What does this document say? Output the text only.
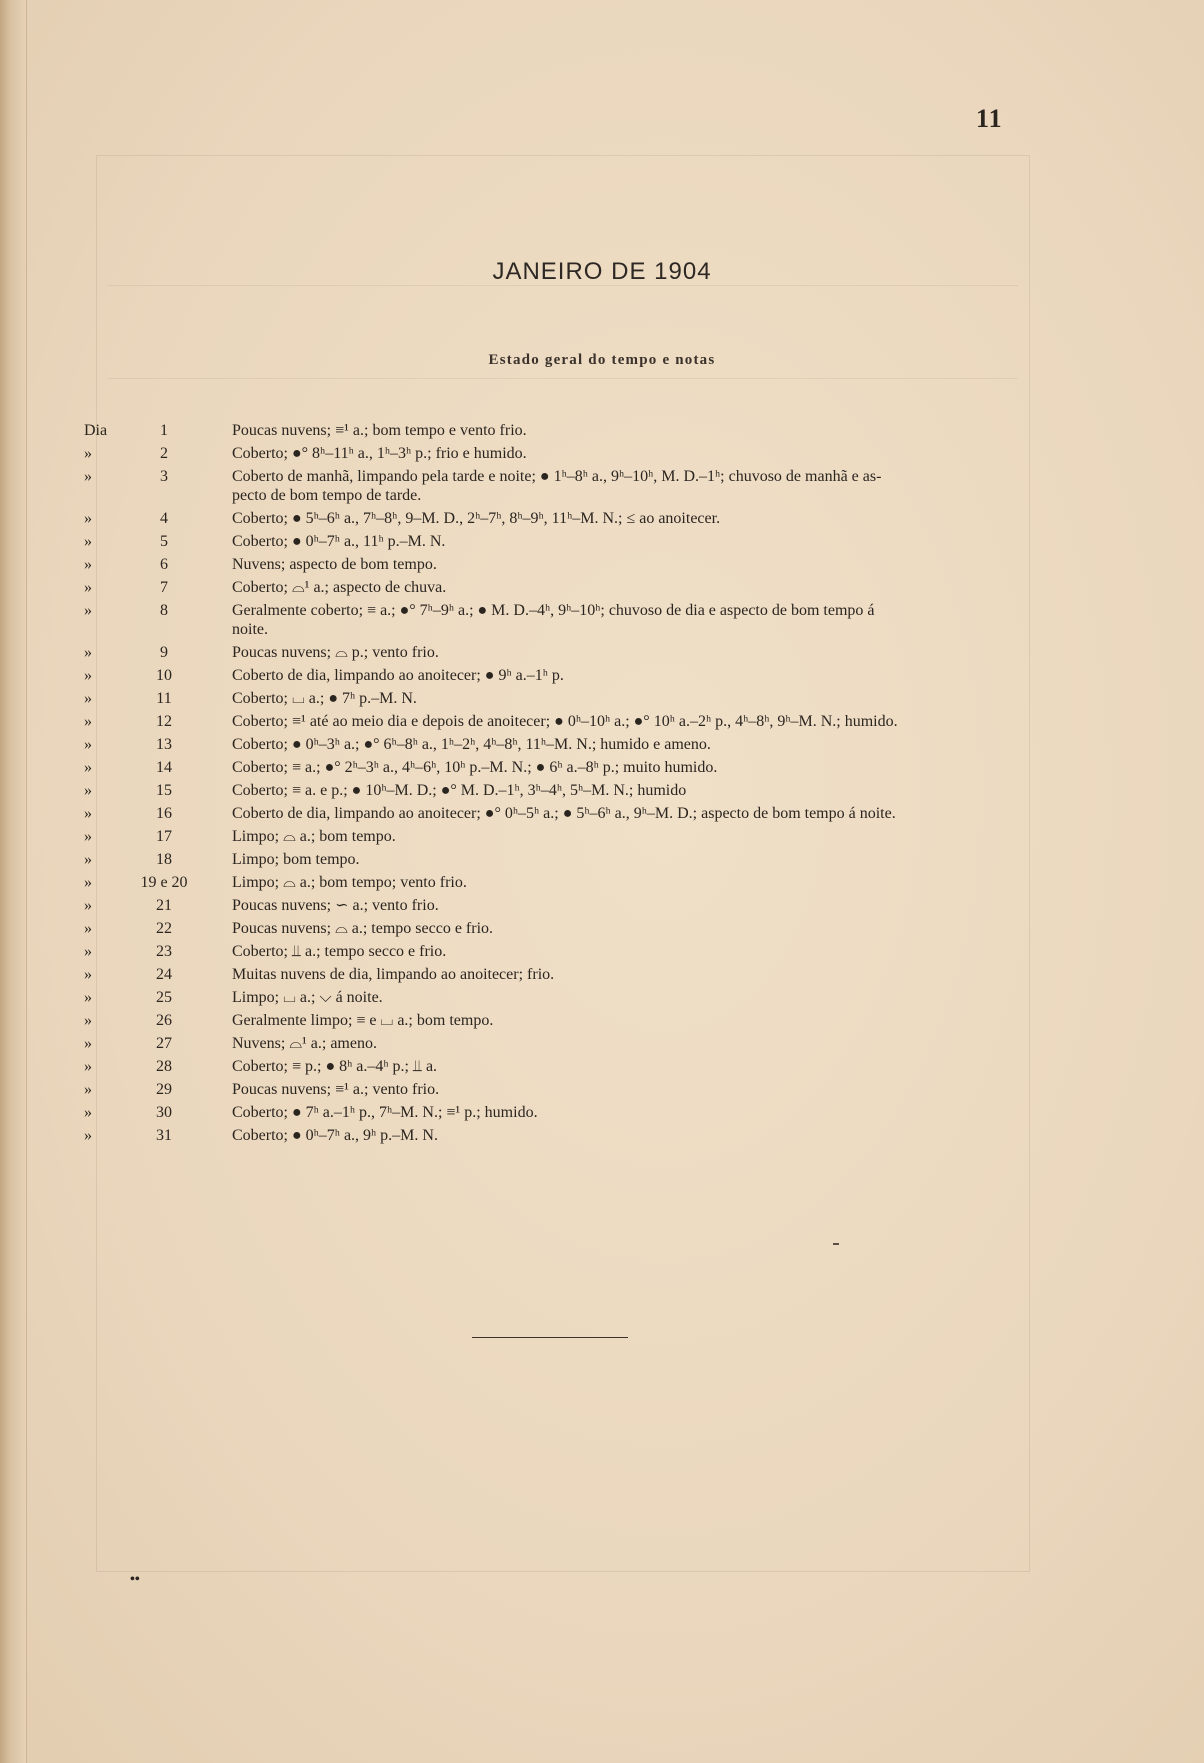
11
JANEIRO DE 1904
Estado geral do tempo e notas
Dia	1	Poucas nuvens; ≡¹ a.; bom tempo e vento frio.
»	2	Coberto; ●° 8ʰ–11ʰ a., 1ʰ–3ʰ p.; frio e humido.
»	3	Coberto de manhã, limpando pela tarde e noite; ● 1ʰ–8ʰ a., 9ʰ–10ʰ, M. D.–1ʰ; chuvoso de manhã e as-
pecto de bom tempo de tarde.
»	4	Coberto; ● 5ʰ–6ʰ a., 7ʰ–8ʰ, 9–M. D., 2ʰ–7ʰ, 8ʰ–9ʰ, 11ʰ–M. N.; ≤ ao anoitecer.
»	5	Coberto; ● 0ʰ–7ʰ a., 11ʰ p.–M. N.
»	6	Nuvens; aspecto de bom tempo.
»	7	Coberto; ⌓¹ a.; aspecto de chuva.
»	8	Geralmente coberto; ≡ a.; ●° 7ʰ–9ʰ a.; ● M. D.–4ʰ, 9ʰ–10ʰ; chuvoso de dia e aspecto de bom tempo á
noite.
»	9	Poucas nuvens; ⌓ p.; vento frio.
»	10	Coberto de dia, limpando ao anoitecer; ● 9ʰ a.–1ʰ p.
»	11	Coberto; ⌴ a.; ● 7ʰ p.–M. N.
»	12	Coberto; ≡¹ até ao meio dia e depois de anoitecer; ● 0ʰ–10ʰ a.; ●° 10ʰ a.–2ʰ p., 4ʰ–8ʰ, 9ʰ–M. N.; humido.
»	13	Coberto; ● 0ʰ–3ʰ a.; ●° 6ʰ–8ʰ a., 1ʰ–2ʰ, 4ʰ–8ʰ, 11ʰ–M. N.; humido e ameno.
»	14	Coberto; ≡ a.; ●° 2ʰ–3ʰ a., 4ʰ–6ʰ, 10ʰ p.–M. N.; ● 6ʰ a.–8ʰ p.; muito humido.
»	15	Coberto; ≡ a. e p.; ● 10ʰ–M. D.; ●° M. D.–1ʰ, 3ʰ–4ʰ, 5ʰ–M. N.; humido
»	16	Coberto de dia, limpando ao anoitecer; ●° 0ʰ–5ʰ a.; ● 5ʰ–6ʰ a., 9ʰ–M. D.; aspecto de bom tempo á noite.
»	17	Limpo; ⌓ a.; bom tempo.
»	18	Limpo; bom tempo.
»	19 e 20	Limpo; ⌓ a.; bom tempo; vento frio.
»	21	Poucas nuvens; ∽ a.; vento frio.
»	22	Poucas nuvens; ⌓ a.; tempo secco e frio.
»	23	Coberto; ⫫ a.; tempo secco e frio.
»	24	Muitas nuvens de dia, limpando ao anoitecer; frio.
»	25	Limpo; ⌴ a.; ⌵ á noite.
»	26	Geralmente limpo; ≡ e ⌴ a.; bom tempo.
»	27	Nuvens; ⌓¹ a.; ameno.
»	28	Coberto; ≡ p.; ● 8ʰ a.–4ʰ p.; ⫫ a.
»	29	Poucas nuvens; ≡¹ a.; vento frio.
»	30	Coberto; ● 7ʰ a.–1ʰ p., 7ʰ–M. N.; ≡¹ p.; humido.
»	31	Coberto; ● 0ʰ–7ʰ a., 9ʰ p.–M. N.
••
